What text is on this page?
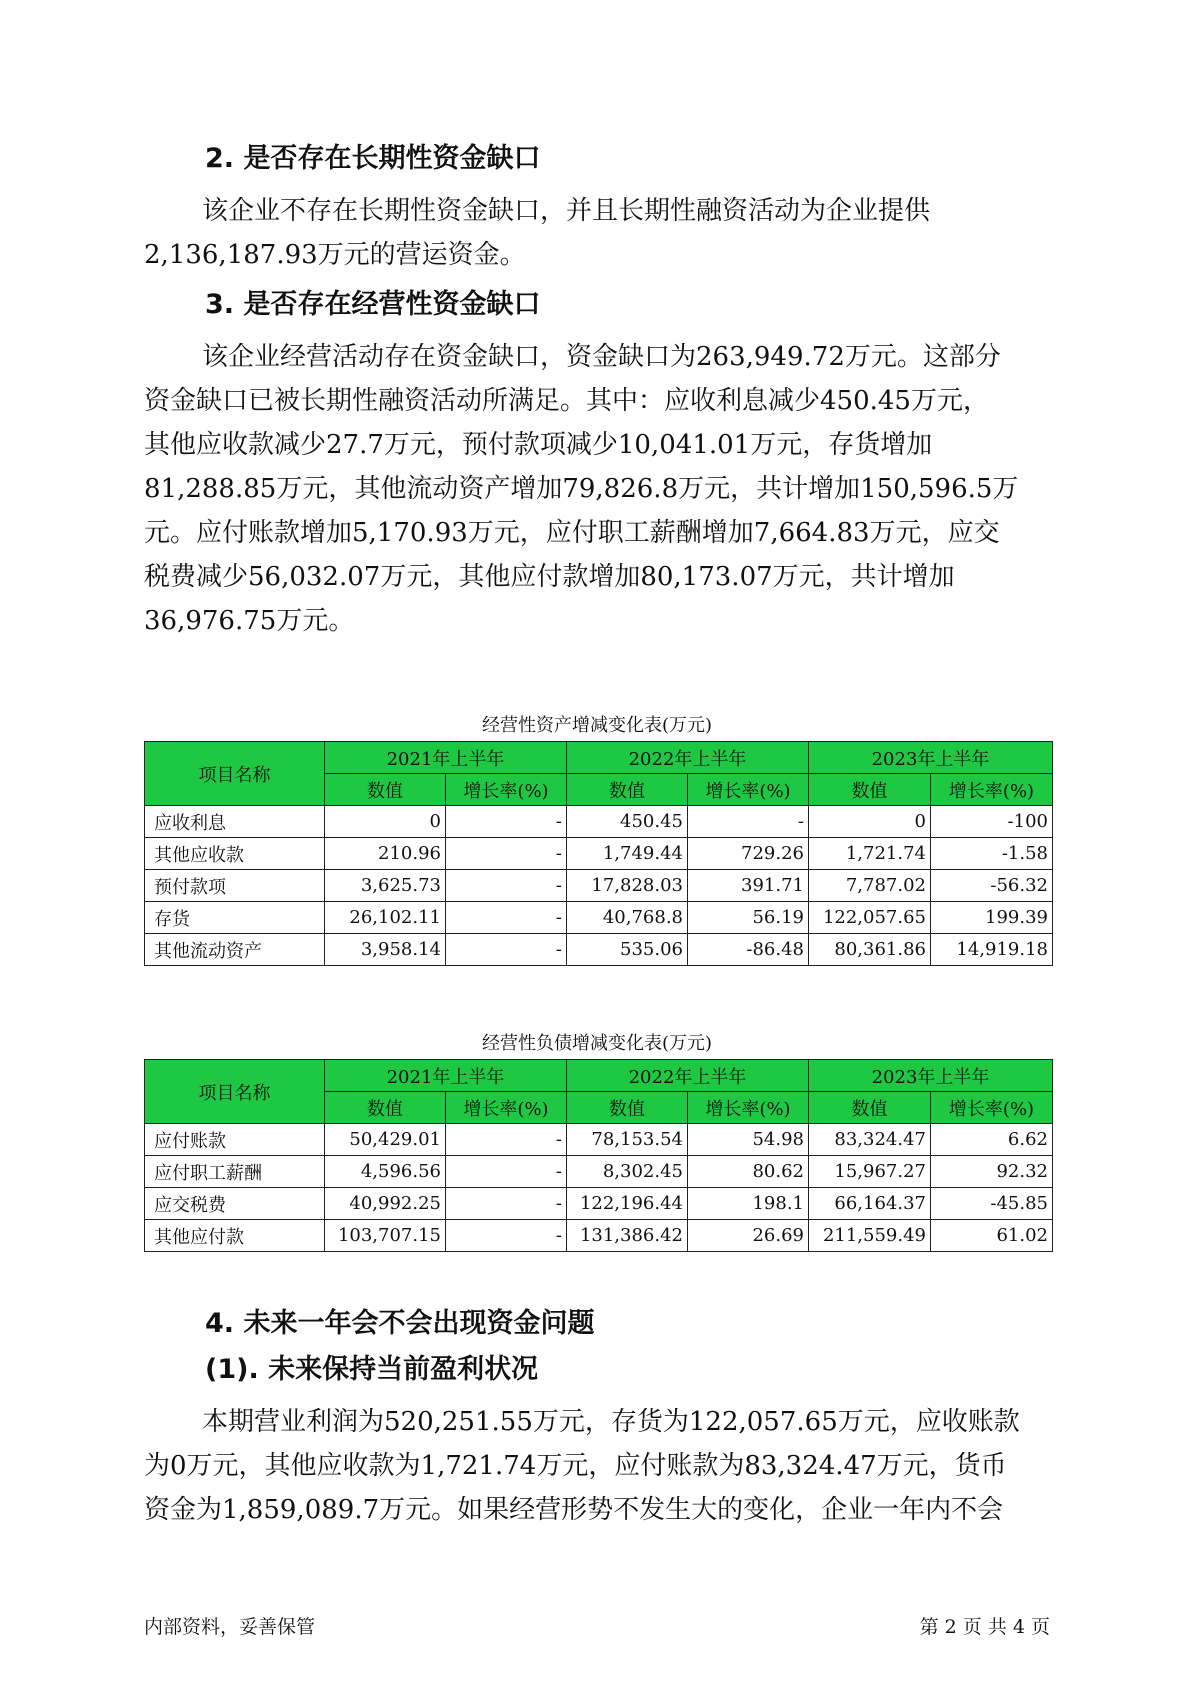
2. 是否存在长期性资金缺口
该企业不存在长期性资金缺口，并且长期性融资活动为企业提供
2,136,187.93万元的营运资金。
3. 是否存在经营性资金缺口
该企业经营活动存在资金缺口，资金缺口为263,949.72万元。这部分
资金缺口已被长期性融资活动所满足。其中：应收利息减少450.45万元，
其他应收款减少27.7万元，预付款项减少10,041.01万元，存货增加
81,288.85万元，其他流动资产增加79,826.8万元，共计增加150,596.5万
元。应付账款增加5,170.93万元，应付职工薪酬增加7,664.83万元，应交
税费减少56,032.07万元，其他应付款增加80,173.07万元，共计增加
36,976.75万元。
经营性资产增减变化表(万元)
项目名称	2021年上半年		2022年上半年		2023年上半年	
	数值	增长率(%)	数值	增长率(%)	数值	增长率(%)
应收利息	0	-	450.45	-	0	-100
其他应收款	210.96	-	1,749.44	729.26	1,721.74	-1.58
预付款项	3,625.73	-	17,828.03	391.71	7,787.02	-56.32
存货	26,102.11	-	40,768.8	56.19	122,057.65	199.39
其他流动资产	3,958.14	-	535.06	-86.48	80,361.86	14,919.18
经营性负债增减变化表(万元)
项目名称	2021年上半年		2022年上半年		2023年上半年	
	数值	增长率(%)	数值	增长率(%)	数值	增长率(%)
应付账款	50,429.01	-	78,153.54	54.98	83,324.47	6.62
应付职工薪酬	4,596.56	-	8,302.45	80.62	15,967.27	92.32
应交税费	40,992.25	-	122,196.44	198.1	66,164.37	-45.85
其他应付款	103,707.15	-	131,386.42	26.69	211,559.49	61.02
4. 未来一年会不会出现资金问题
(1). 未来保持当前盈利状况
本期营业利润为520,251.55万元，存货为122,057.65万元，应收账款
为0万元，其他应收款为1,721.74万元，应付账款为83,324.47万元，货币
资金为1,859,089.7万元。如果经营形势不发生大的变化，企业一年内不会
内部资料，妥善保管	第 2 页 共 4 页
